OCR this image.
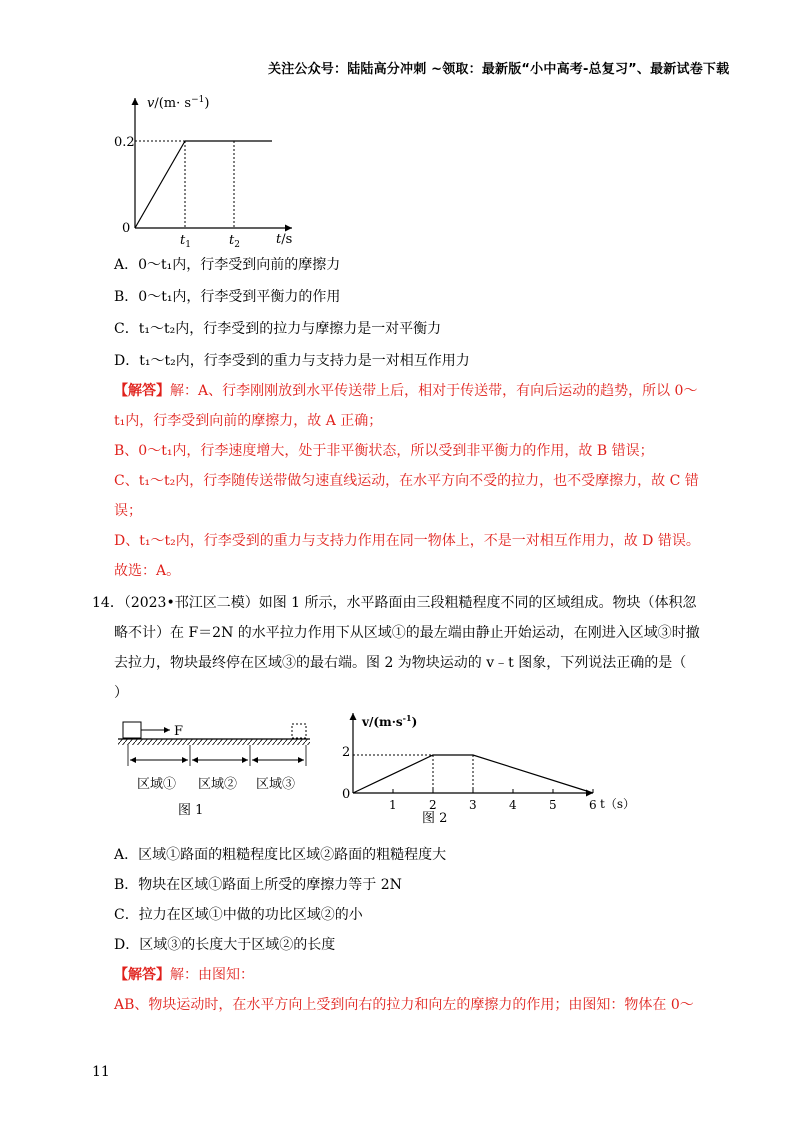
关注公众号：陆陆高分冲刺 ~领取：最新版“小中高考-总复习”、最新试卷下载
$v/(m\cdot s^{-1})$
0.2
0
$t_1$	$t_2$	t/s
A．0～t₁内，行李受到向前的摩擦力
B．0～t₁内，行李受到平衡力的作用
C．t₁～t₂内，行李受到的拉力与摩擦力是一对平衡力
D．t₁～t₂内，行李受到的重力与支持力是一对相互作用力
【解答】解：A、行李刚刚放到水平传送带上后，相对于传送带，有向后运动的趋势，所以 0～
t₁内，行李受到向前的摩擦力，故 A 正确；
B、0～t₁内，行李速度增大，处于非平衡状态，所以受到非平衡力的作用，故 B 错误；
C、t₁～t₂内，行李随传送带做匀速直线运动，在水平方向不受的拉力，也不受摩擦力，故 C 错
误；
D、t₁～t₂内，行李受到的重力与支持力作用在同一物体上，不是一对相互作用力，故 D 错误。
故选：A。
14．（2023•邗江区二模）如图 1 所示，水平路面由三段粗糙程度不同的区域组成。物块（体积忽
略不计）在 F＝2N 的水平拉力作用下从区域①的最左端由静止开始运动，在刚进入区域③时撤
去拉力，物块最终停在区域③的最右端。图 2 为物块运动的 v﹣t 图象，下列说法正确的是（
）
F
区域① 区域② 区域③
图 1	1	2	3	4	5	6
$v/(m\cdot s^{-1})$
2
0
t（s）
图 2
A．区域①路面的粗糙程度比区域②路面的粗糙程度大
B．物块在区域①路面上所受的摩擦力等于 2N
C．拉力在区域①中做的功比区域②的小
D．区域③的长度大于区域②的长度
【解答】解：由图知：
AB、物块运动时，在水平方向上受到向右的拉力和向左的摩擦力的作用；由图知：物体在 0～
11
